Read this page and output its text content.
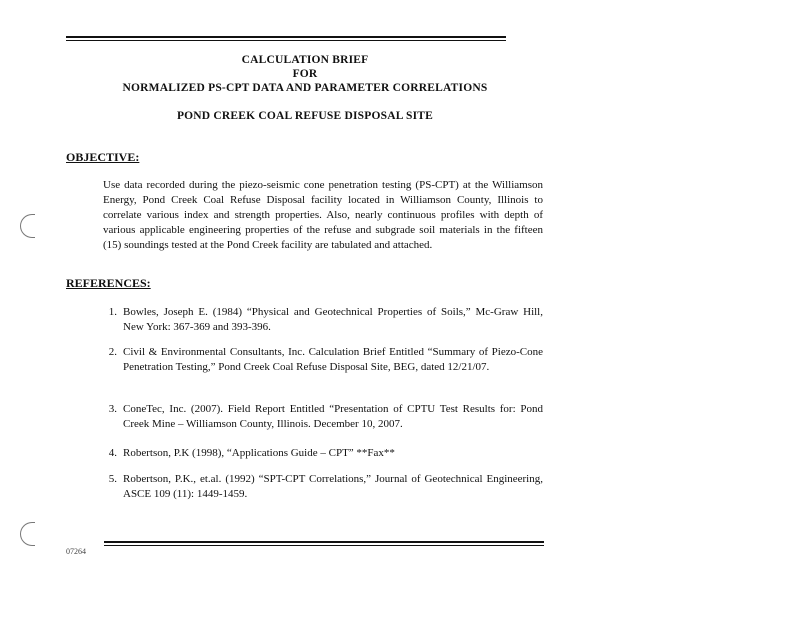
CALCULATION BRIEF
FOR
NORMALIZED PS-CPT DATA AND PARAMETER CORRELATIONS
POND CREEK COAL REFUSE DISPOSAL SITE
OBJECTIVE:
Use data recorded during the piezo-seismic cone penetration testing (PS-CPT) at the Williamson Energy, Pond Creek Coal Refuse Disposal facility located in Williamson County, Illinois to correlate various index and strength properties. Also, nearly continuous profiles with depth of various applicable engineering properties of the refuse and subgrade soil materials in the fifteen (15) soundings tested at the Pond Creek facility are tabulated and attached.
REFERENCES:
1. Bowles, Joseph E. (1984) “Physical and Geotechnical Properties of Soils,” Mc-Graw Hill, New York: 367-369 and 393-396.
2. Civil & Environmental Consultants, Inc. Calculation Brief Entitled “Summary of Piezo-Cone Penetration Testing,” Pond Creek Coal Refuse Disposal Site, BEG, dated 12/21/07.
3. ConeTec, Inc. (2007). Field Report Entitled “Presentation of CPTU Test Results for: Pond Creek Mine – Williamson County, Illinois. December 10, 2007.
4. Robertson, P.K (1998), “Applications Guide – CPT” **Fax**
5. Robertson, P.K., et.al. (1992) “SPT-CPT Correlations,” Journal of Geotechnical Engineering, ASCE 109 (11): 1449-1459.
07264
